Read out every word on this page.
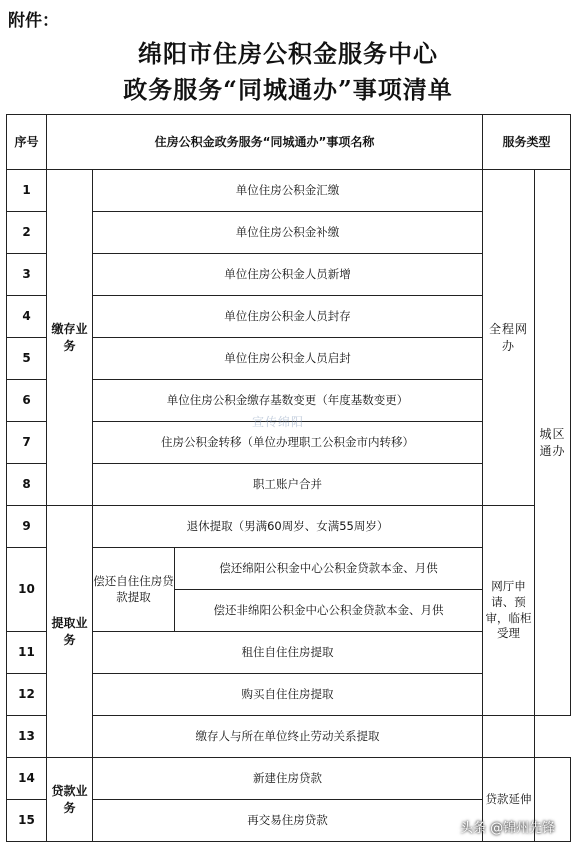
附件：
绵阳市住房公积金服务中心
政务服务“同城通办”事项清单
序号	住房公积金政务服务“同城通办”事项名称			服务类型	
1	缴存业务	单位住房公积金汇缴		全程网办	城区通办
2		单位住房公积金补缴			
3		单位住房公积金人员新增			
4		单位住房公积金人员封存			
5		单位住房公积金人员启封			
6		单位住房公积金缴存基数变更（年度基数变更）			
7		住房公积金转移（单位办理职工公积金市内转移）			
8		职工账户合并			
9	提取业务	退休提取（男满60周岁、女满55周岁）		网厅申请、预审，临柜受理	
10		偿还自住住房贷款提取	偿还绵阳公积金中心公积金贷款本金、月供		
			偿还非绵阳公积金中心公积金贷款本金、月供		
11		租住自住住房提取			
12		购买自住住房提取			
13		缴存人与所在单位终止劳动关系提取			
14	贷款业务	新建住房贷款		贷款延伸	
15		再交易住房贷款			
宣传绵阳
头条 @锦州先锋
